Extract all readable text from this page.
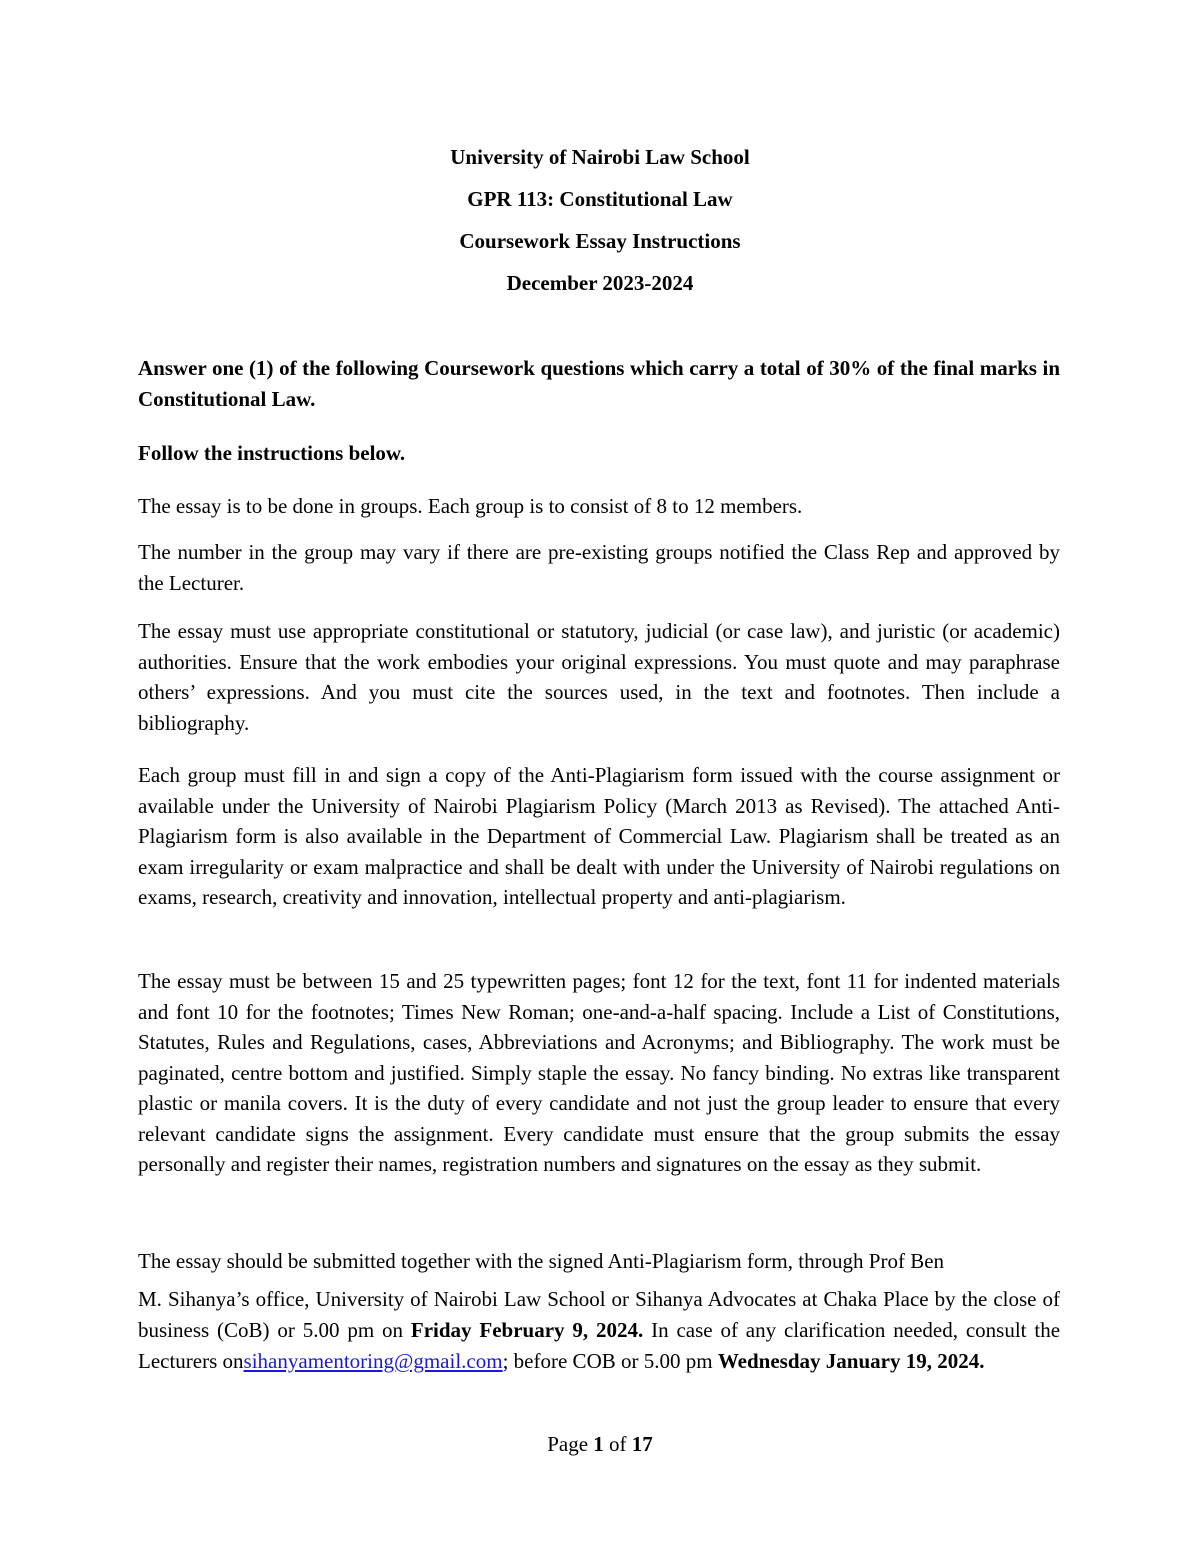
University of Nairobi Law School

GPR 113: Constitutional Law

Coursework Essay Instructions

December 2023-2024

Answer one (1) of the following Coursework questions which carry a total of 30% of the final marks in Constitutional Law.

Follow the instructions below.

The essay is to be done in groups. Each group is to consist of 8 to 12 members.

The number in the group may vary if there are pre-existing groups notified the Class Rep and approved by the Lecturer.

The essay must use appropriate constitutional or statutory, judicial (or case law), and juristic (or academic) authorities. Ensure that the work embodies your original expressions. You must quote and may paraphrase others’ expressions. And you must cite the sources used, in the text and footnotes. Then include a bibliography.

Each group must fill in and sign a copy of the Anti-Plagiarism form issued with the course assignment or available under the University of Nairobi Plagiarism Policy (March 2013 as Revised). The attached Anti-Plagiarism form is also available in the Department of Commercial Law. Plagiarism shall be treated as an exam irregularity or exam malpractice and shall be dealt with under the University of Nairobi regulations on exams, research, creativity and innovation, intellectual property and anti-plagiarism.

The essay must be between 15 and 25 typewritten pages; font 12 for the text, font 11 for indented materials and font 10 for the footnotes; Times New Roman; one-and-a-half spacing. Include a List of Constitutions, Statutes, Rules and Regulations, cases, Abbreviations and Acronyms; and Bibliography. The work must be paginated, centre bottom and justified. Simply staple the essay. No fancy binding. No extras like transparent plastic or manila covers. It is the duty of every candidate and not just the group leader to ensure that every relevant candidate signs the assignment. Every candidate must ensure that the group submits the essay personally and register their names, registration numbers and signatures on the essay as they submit.

The essay should be submitted together with the signed Anti-Plagiarism form, through Prof Ben

M. Sihanya’s office, University of Nairobi Law School or Sihanya Advocates at Chaka Place by the close of business (CoB) or 5.00 pm on Friday February 9, 2024. In case of any clarification needed, consult the Lecturers onsihanyamentoring@gmail.com; before COB or 5.00 pm Wednesday January 19, 2024.

Page 1 of 17
